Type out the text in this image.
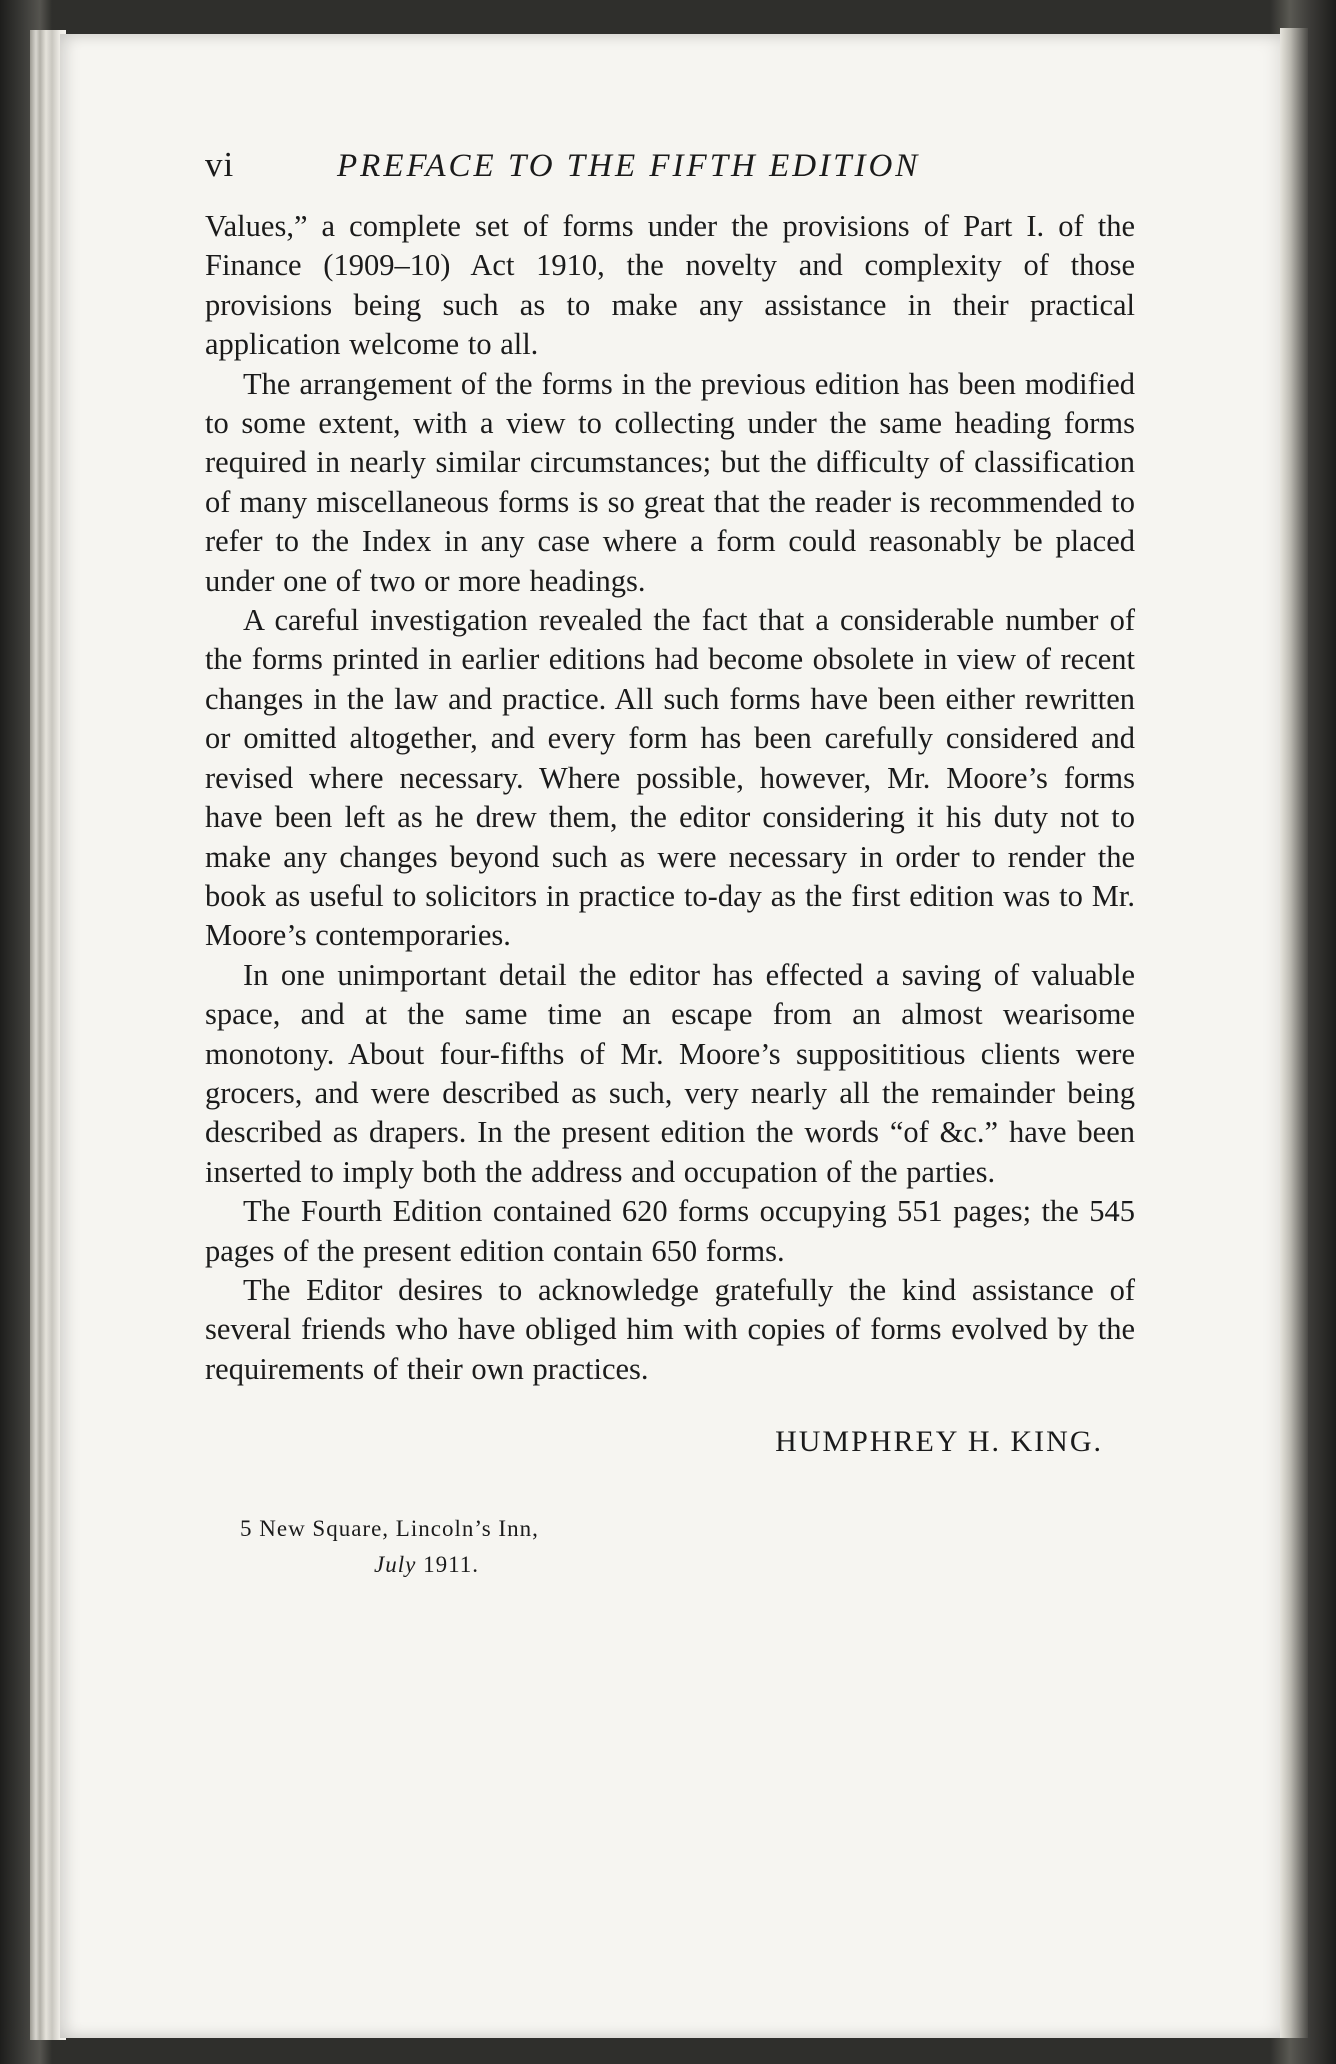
vi	PREFACE TO THE FIFTH EDITION

Values,” a complete set of forms under the provisions of Part I. of the Finance (1909–10) Act 1910, the novelty and complexity of those provisions being such as to make any assistance in their practical application welcome to all.

The arrangement of the forms in the previous edition has been modified to some extent, with a view to collecting under the same heading forms required in nearly similar circumstances; but the difficulty of classification of many miscellaneous forms is so great that the reader is recommended to refer to the Index in any case where a form could reasonably be placed under one of two or more headings.

A careful investigation revealed the fact that a considerable number of the forms printed in earlier editions had become obsolete in view of recent changes in the law and practice. All such forms have been either rewritten or omitted altogether, and every form has been carefully considered and revised where necessary. Where possible, however, Mr. Moore’s forms have been left as he drew them, the editor considering it his duty not to make any changes beyond such as were necessary in order to render the book as useful to solicitors in practice to-day as the first edition was to Mr. Moore’s contemporaries.

In one unimportant detail the editor has effected a saving of valuable space, and at the same time an escape from an almost wearisome monotony. About four-fifths of Mr. Moore’s supposititious clients were grocers, and were described as such, very nearly all the remainder being described as drapers. In the present edition the words “of &c.” have been inserted to imply both the address and occupation of the parties.

The Fourth Edition contained 620 forms occupying 551 pages; the 545 pages of the present edition contain 650 forms.

The Editor desires to acknowledge gratefully the kind assistance of several friends who have obliged him with copies of forms evolved by the requirements of their own practices.

HUMPHREY H. KING.
5 New Square, Lincoln’s Inn,
July 1911.
